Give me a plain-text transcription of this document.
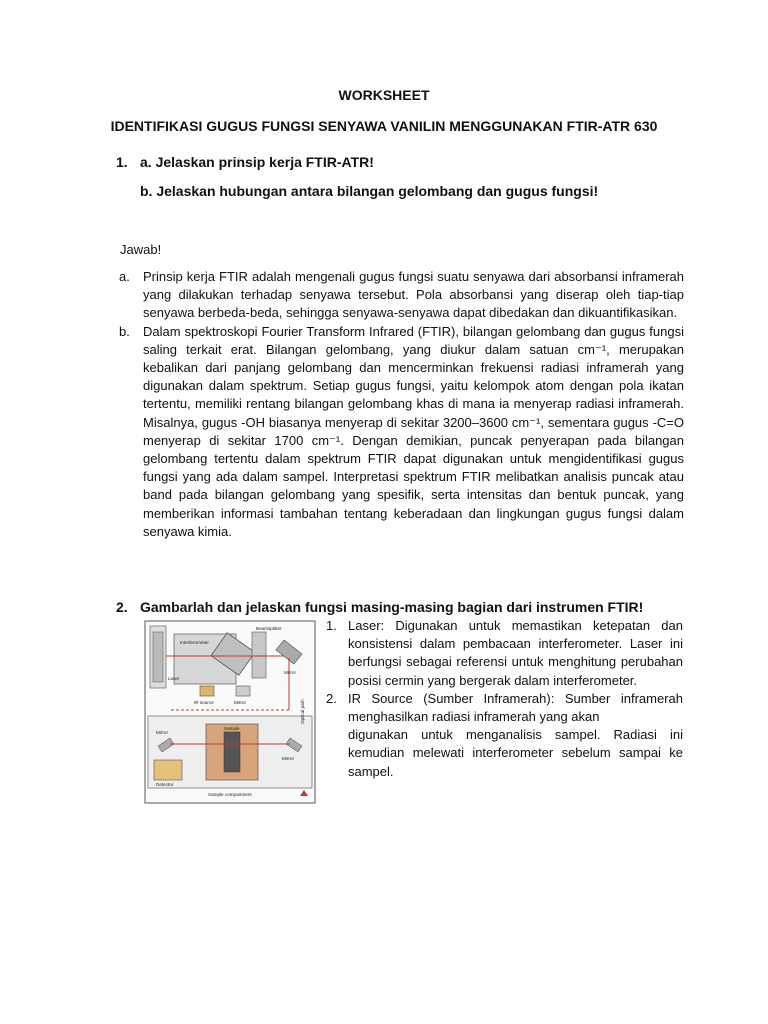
WORKSHEET
IDENTIFIKASI GUGUS FUNGSI SENYAWA VANILIN MENGGUNAKAN FTIR-ATR 630
1. a. Jelaskan prinsip kerja FTIR-ATR!
b. Jelaskan hubungan antara bilangan gelombang dan gugus fungsi!
Jawab!
a. Prinsip kerja FTIR adalah mengenali gugus fungsi suatu senyawa dari absorbansi inframerah yang dilakukan terhadap senyawa tersebut. Pola absorbansi yang diserap oleh tiap-tiap senyawa berbeda-beda, sehingga senyawa-senyawa dapat dibedakan dan dikuantifikasikan.

b. Dalam spektroskopi Fourier Transform Infrared (FTIR), bilangan gelombang dan gugus fungsi saling terkait erat. Bilangan gelombang, yang diukur dalam satuan cm⁻¹, merupakan kebalikan dari panjang gelombang dan mencerminkan frekuensi radiasi inframerah yang digunakan dalam spektrum. Setiap gugus fungsi, yaitu kelompok atom dengan pola ikatan tertentu, memiliki rentang bilangan gelombang khas di mana ia menyerap radiasi inframerah. Misalnya, gugus -OH biasanya menyerap di sekitar 3200–3600 cm⁻¹, sementara gugus -C=O menyerap di sekitar 1700 cm⁻¹. Dengan demikian, puncak penyerapan pada bilangan gelombang tertentu dalam spektrum FTIR dapat digunakan untuk mengidentifikasi gugus fungsi yang ada dalam sampel. Interpretasi spektrum FTIR melibatkan analisis puncak atau band pada bilangan gelombang yang spesifik, serta intensitas dan bentuk puncak, yang memberikan informasi tambahan tentang keberadaan dan lingkungan gugus fungsi dalam senyawa kimia.

2. Gambarlah dan jelaskan fungsi masing-masing bagian dari instrumen FTIR!
Interferometer
Beamsplitter
Laser
Mirror
IR source	Mirror	Optical path
Mirror
Sample
Mirror
Detector
Sample compartment
1. Laser: Digunakan untuk memastikan ketepatan dan konsistensi dalam pembacaan interferometer. Laser ini berfungsi sebagai referensi untuk menghitung perubahan posisi cermin yang bergerak dalam interferometer.

2. IR Source (Sumber Inframerah): Sumber inframerah menghasilkan radiasi inframerah yang akan

digunakan untuk menganalisis sampel. Radiasi ini kemudian melewati interferometer sebelum sampai ke sampel.
